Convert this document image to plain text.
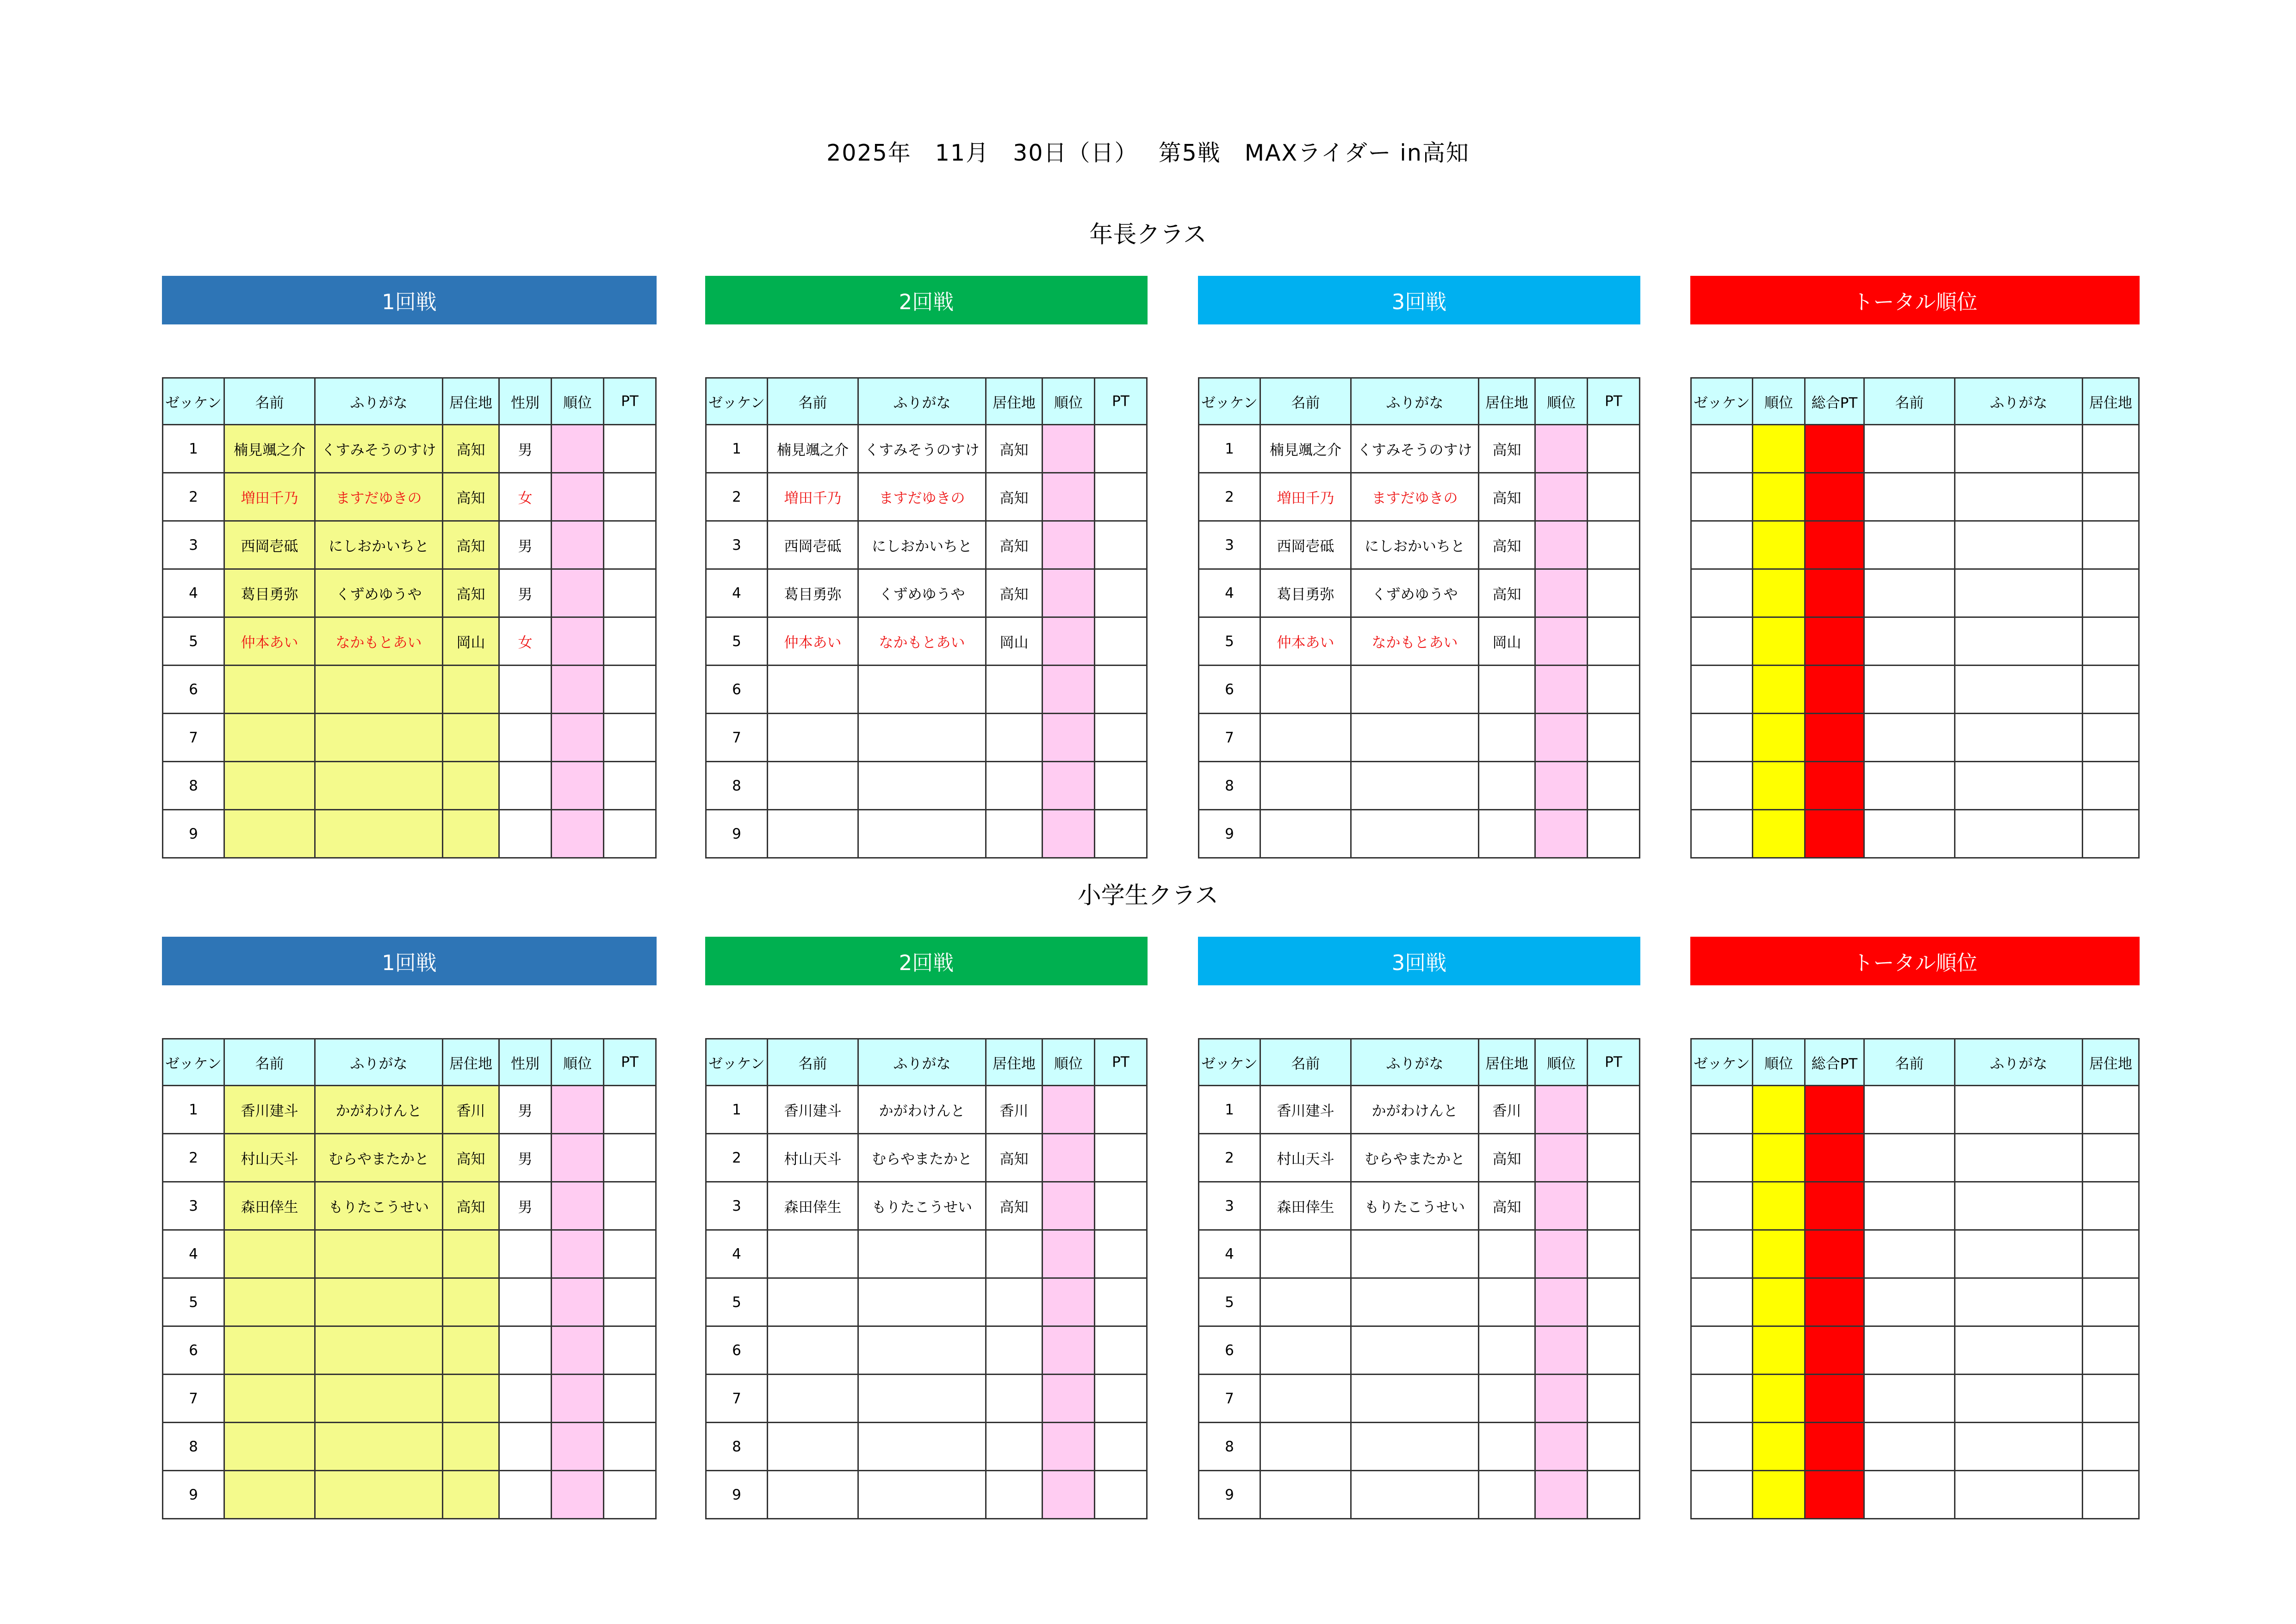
2025年　11月　30日（日）　 第5戦　MAXライダー in高知
年長クラス
1回戦
ゼッケン	名前	ふりがな	居住地	性別	順位	PT
1	楠見颯之介	くすみそうのすけ	高知	男		
2	増田千乃	ますだゆきの	高知	女		
3	西岡壱砥	にしおかいちと	高知	男		
4	葛目勇弥	くずめゆうや	高知	男		
5	仲本あい	なかもとあい	岡山	女		
6						
7						
8						
9						
2回戦
ゼッケン	名前	ふりがな	居住地	順位	PT
1	楠見颯之介	くすみそうのすけ	高知		
2	増田千乃	ますだゆきの	高知		
3	西岡壱砥	にしおかいちと	高知		
4	葛目勇弥	くずめゆうや	高知		
5	仲本あい	なかもとあい	岡山		
6					
7					
8					
9					
3回戦
ゼッケン	名前	ふりがな	居住地	順位	PT
1	楠見颯之介	くすみそうのすけ	高知		
2	増田千乃	ますだゆきの	高知		
3	西岡壱砥	にしおかいちと	高知		
4	葛目勇弥	くずめゆうや	高知		
5	仲本あい	なかもとあい	岡山		
6					
7					
8					
9					
トータル順位
ゼッケン	順位	総合PT	名前	ふりがな	居住地

小学生クラス
1回戦
ゼッケン	名前	ふりがな	居住地	性別	順位	PT
1	香川建斗	かがわけんと	香川	男		
2	村山天斗	むらやまたかと	高知	男		
3	森田倖生	もりたこうせい	高知	男		
4						
5						
6						
7						
8						
9						
2回戦
ゼッケン	名前	ふりがな	居住地	順位	PT
1	香川建斗	かがわけんと	香川		
2	村山天斗	むらやまたかと	高知		
3	森田倖生	もりたこうせい	高知		
4					
5					
6					
7					
8					
9					
3回戦
ゼッケン	名前	ふりがな	居住地	順位	PT
1	香川建斗	かがわけんと	香川		
2	村山天斗	むらやまたかと	高知		
3	森田倖生	もりたこうせい	高知		
4					
5					
6					
7					
8					
9					
トータル順位
ゼッケン	順位	総合PT	名前	ふりがな	居住地
